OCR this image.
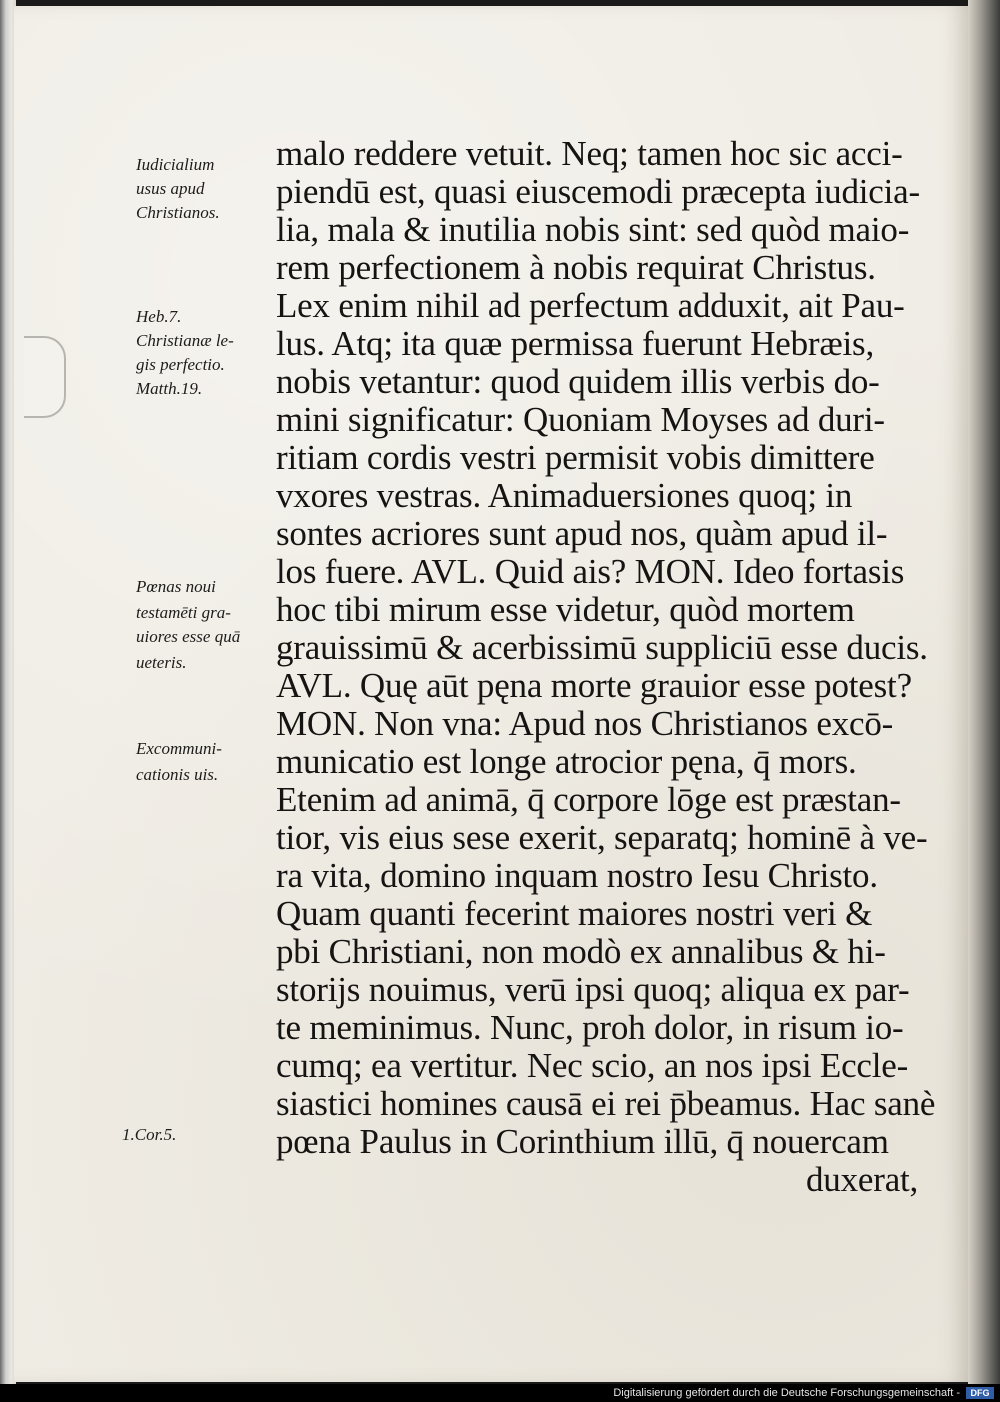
Iudicialium
usus apud
Christianos.
Heb.7.
Christianæ le-
gis perfectio.
Matth.19.
Pœnas noui
testamēti gra-
uiores esse quā
ueteris.
Excommuni-
cationis uis.
1.Cor.5.
malo reddere vetuit. Neq; tamen hoc sic acci-
piendū est, quasi eiuscemodi præcepta iudicia-
lia, mala & inutilia nobis sint: sed quòd maio-
rem perfectionem à nobis requirat Christus.
Lex enim nihil ad perfectum adduxit, ait Pau-
lus. Atq; ita quæ permissa fuerunt Hebræis,
nobis vetantur: quod quidem illis verbis do-
mini significatur: Quoniam Moyses ad duri-
ritiam cordis vestri permisit vobis dimittere
vxores vestras. Animaduersiones quoq; in
sontes acriores sunt apud nos, quàm apud il-
los fuere. AVL. Quid ais? MON. Ideo fortasis
hoc tibi mirum esse videtur, quòd mortem
grauissimū & acerbissimū suppliciū esse ducis.
AVL. Quę aūt pęna morte grauior esse potest?
MON. Non vna: Apud nos Christianos excō-
municatio est longe atrocior pęna, q̄ mors.
Etenim ad animā, q̄ corpore lōge est præstan-
tior, vis eius sese exerit, separatq; hominē à ve-
ra vita, domino inquam nostro Iesu Christo.
Quam quanti fecerint maiores nostri veri &
pbi Christiani, non modò ex annalibus & hi-
storijs nouimus, verū ipsi quoq; aliqua ex par-
te meminimus. Nunc, proh dolor, in risum io-
cumq; ea vertitur. Nec scio, an nos ipsi Eccle-
siastici homines causā ei rei p̄beamus. Hac sanè
pœna Paulus in Corinthium illū, q̄ nouercam
duxerat,
Digitalisierung gefördert durch die Deutsche Forschungsgemeinschaft -	DFG
